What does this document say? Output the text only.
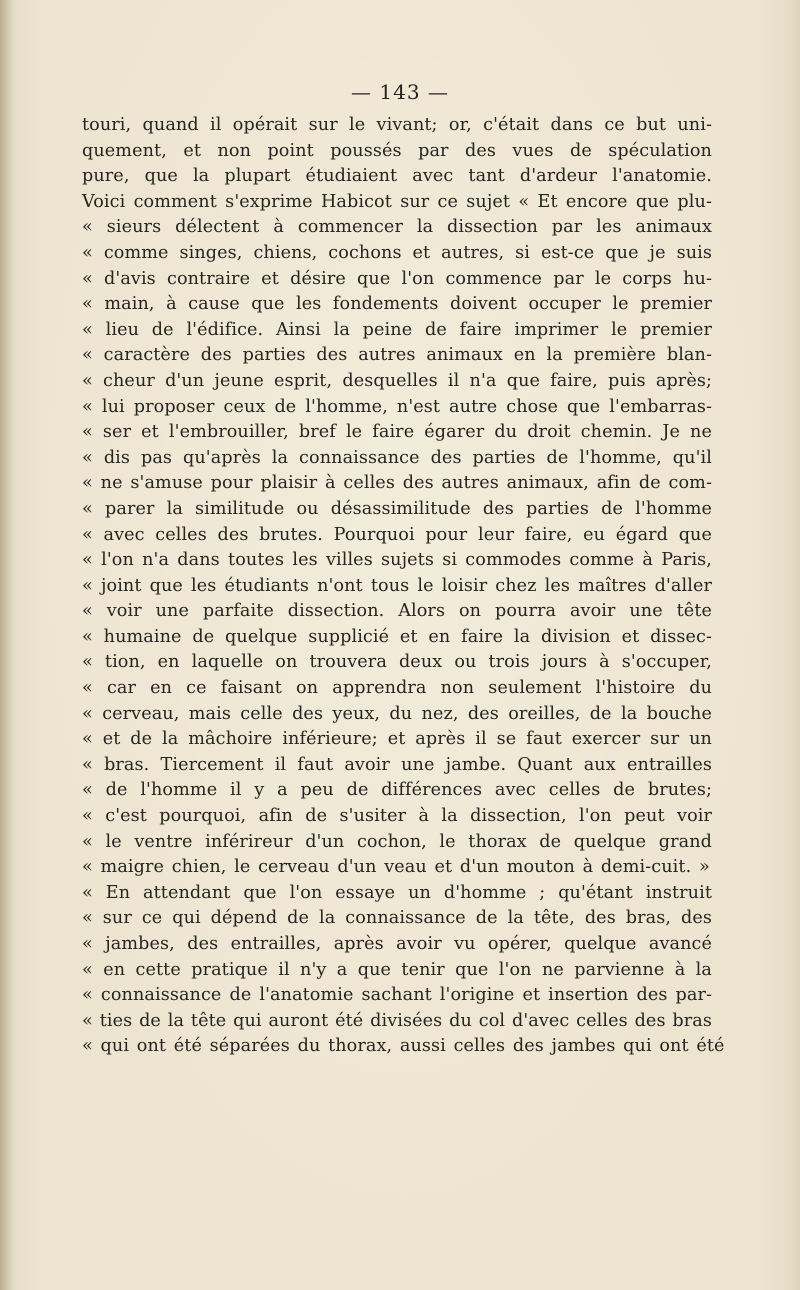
— 143 —
touri, quand il opérait sur le vivant; or, c'était dans ce but uni-
quement, et non point poussés par des vues de spéculation
pure, que la plupart étudiaient avec tant d'ardeur l'anatomie.
Voici comment s'exprime Habicot sur ce sujet « Et encore que plu-
« sieurs délectent à commencer la dissection par les animaux
« comme singes, chiens, cochons et autres, si est-ce que je suis
« d'avis contraire et désire que l'on commence par le corps hu-
« main, à cause que les fondements doivent occuper le premier
« lieu de l'édifice. Ainsi la peine de faire imprimer le premier
« caractère des parties des autres animaux en la première blan-
« cheur d'un jeune esprit, desquelles il n'a que faire, puis après;
« lui proposer ceux de l'homme, n'est autre chose que l'embarras-
« ser et l'embrouiller, bref le faire égarer du droit chemin. Je ne
« dis pas qu'après la connaissance des parties de l'homme, qu'il
« ne s'amuse pour plaisir à celles des autres animaux, afin de com-
« parer la similitude ou désassimilitude des parties de l'homme
« avec celles des brutes. Pourquoi pour leur faire, eu égard que
« l'on n'a dans toutes les villes sujets si commodes comme à Paris,
« joint que les étudiants n'ont tous le loisir chez les maîtres d'aller
« voir une parfaite dissection. Alors on pourra avoir une tête
« humaine de quelque supplicié et en faire la division et dissec-
« tion, en laquelle on trouvera deux ou trois jours à s'occuper,
« car en ce faisant on apprendra non seulement l'histoire du
« cerveau, mais celle des yeux, du nez, des oreilles, de la bouche
« et de la mâchoire inférieure; et après il se faut exercer sur un
« bras. Tiercement il faut avoir une jambe. Quant aux entrailles
« de l'homme il y a peu de différences avec celles de brutes;
« c'est pourquoi, afin de s'usiter à la dissection, l'on peut voir
« le ventre inférireur d'un cochon, le thorax de quelque grand
« maigre chien, le cerveau d'un veau et d'un mouton à demi-cuit. »
« En attendant que l'on essaye un d'homme ; qu'étant instruit
« sur ce qui dépend de la connaissance de la tête, des bras, des
« jambes, des entrailles, après avoir vu opérer, quelque avancé
« en cette pratique il n'y a que tenir que l'on ne parvienne à la
« connaissance de l'anatomie sachant l'origine et insertion des par-
« ties de la tête qui auront été divisées du col d'avec celles des bras
« qui ont été séparées du thorax, aussi celles des jambes qui ont été
